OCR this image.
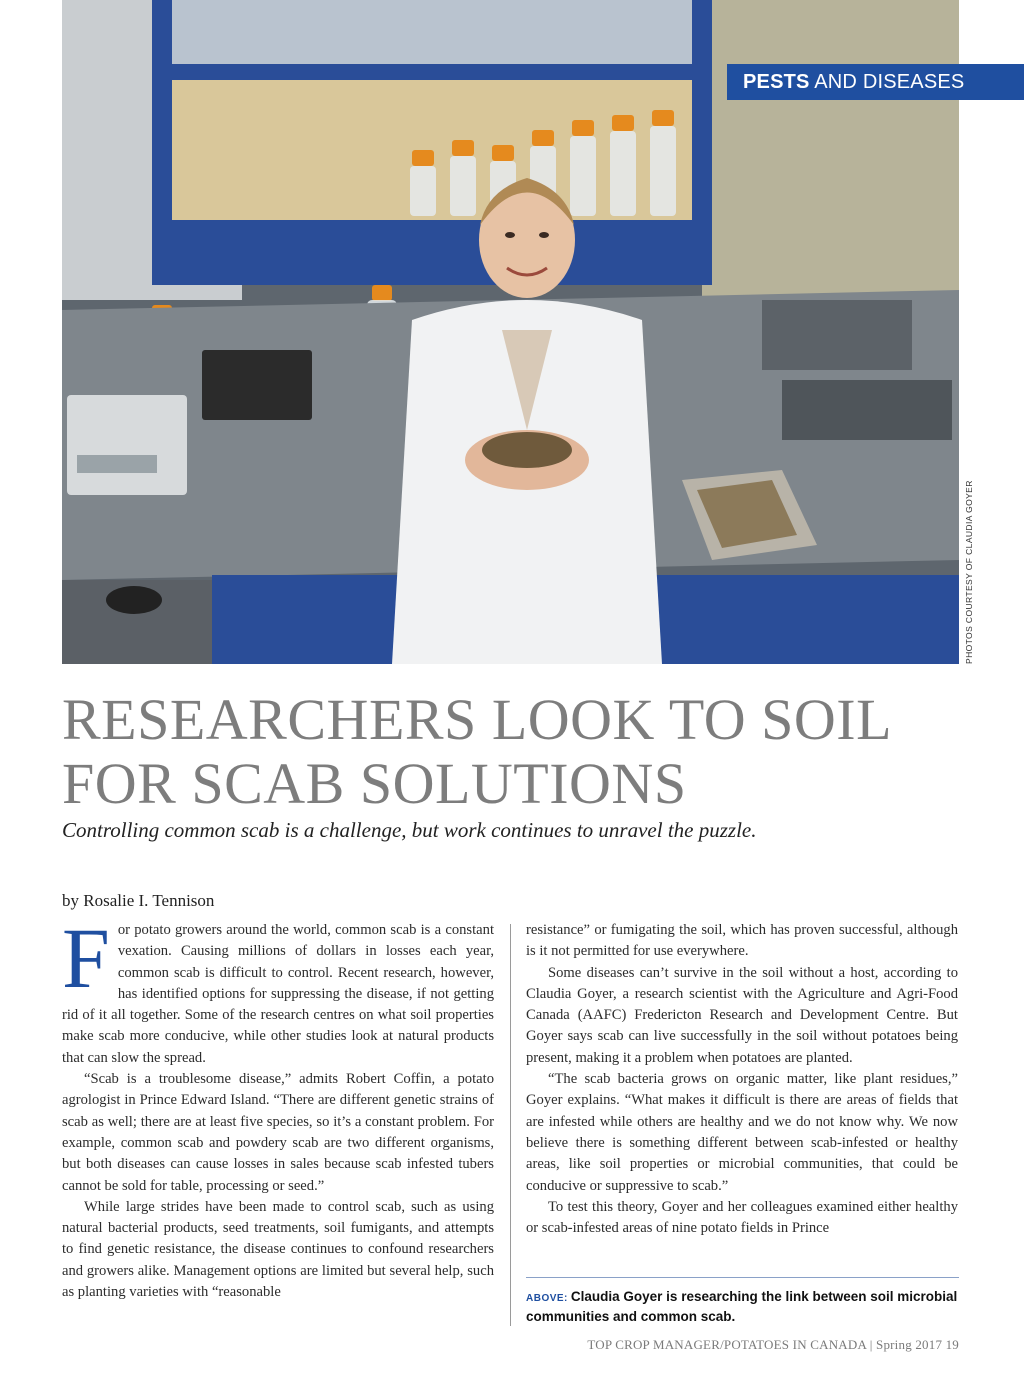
PESTS AND DISEASES
PHOTOS COURTESY OF CLAUDIA GOYER
RESEARCHERS LOOK TO SOIL
FOR SCAB SOLUTIONS
Controlling common scab is a challenge, but work continues to unravel the puzzle.
by Rosalie I. Tennison

For potato growers around the world, common scab is a constant vexation. Causing millions of dollars in losses each year, common scab is difficult to control. Recent research, however, has identified options for suppressing the disease, if not getting rid of it all together. Some of the research centres on what soil properties make scab more conducive, while other studies look at natural products that can slow the spread.

“Scab is a troublesome disease,” admits Robert Coffin, a potato agrologist in Prince Edward Island. “There are different genetic strains of scab as well; there are at least five species, so it’s a constant problem. For example, common scab and powdery scab are two different organisms, but both diseases can cause losses in sales because scab infested tubers cannot be sold for table, processing or seed.”

While large strides have been made to control scab, such as using natural bacterial products, seed treatments, soil fumigants, and attempts to find genetic resistance, the disease continues to confound researchers and growers alike. Management options are limited but several help, such as planting varieties with “reasonable

resistance” or fumigating the soil, which has proven successful, although is it not permitted for use everywhere.

Some diseases can’t survive in the soil without a host, according to Claudia Goyer, a research scientist with the Agriculture and Agri-Food Canada (AAFC) Fredericton Research and Development Centre. But Goyer says scab can live successfully in the soil without potatoes being present, making it a problem when potatoes are planted.

“The scab bacteria grows on organic matter, like plant residues,” Goyer explains. “What makes it difficult is there are areas of fields that are infested while others are healthy and we do not know why. We now believe there is something different between scab-infested or healthy areas, like soil properties or microbial communities, that could be conducive or suppressive to scab.”

To test this theory, Goyer and her colleagues examined either healthy or scab-infested areas of nine potato fields in Prince

ABOVE: Claudia Goyer is researching the link between soil microbial communities and common scab.
TOP CROP MANAGER/POTATOES IN CANADA | Spring 2017 19
